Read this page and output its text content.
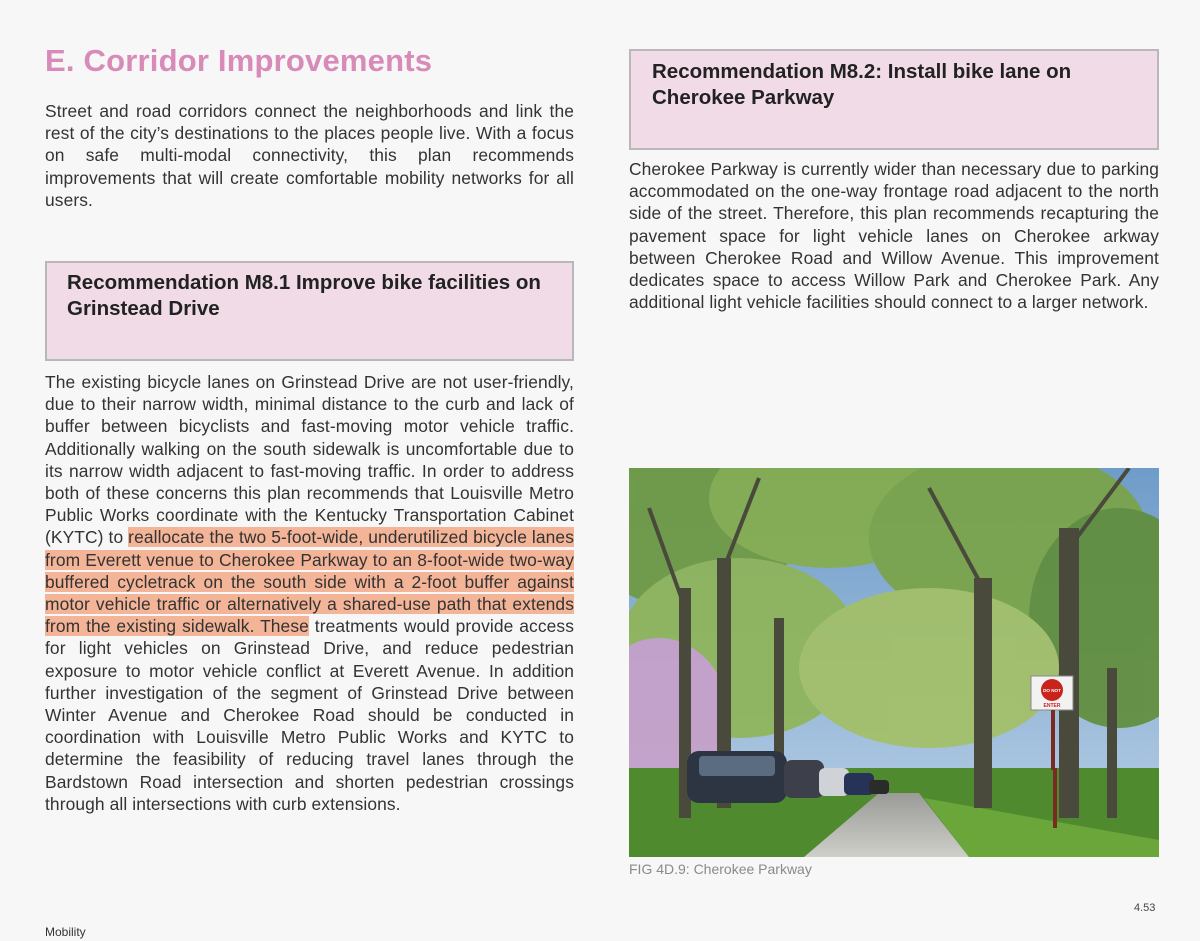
E. Corridor Improvements

Street and road corridors connect the neighborhoods and link the rest of the city’s destinations to the places people live. With a focus on safe multi-modal connectivity, this plan recommends improvements that will create comfortable mobility networks for all users.

Recommendation M8.1 Improve bike facilities on Grinstead Drive

The existing bicycle lanes on Grinstead Drive are not user-friendly, due to their narrow width, minimal distance to the curb and lack of buffer between bicyclists and fast-moving motor vehicle traffic. Additionally walking on the south sidewalk is uncomfortable due to its narrow width adjacent to fast-moving traffic. In order to address both of these concerns this plan recommends that Louisville Metro Public Works coordinate with the Kentucky Transportation Cabinet (KYTC) to reallocate the two 5-foot-wide, underutilized bicycle lanes from Everett venue to Cherokee Parkway to an 8-foot-wide two-way buffered cycletrack on the south side with a 2-foot buffer against motor vehicle traffic or alternatively a shared-use path that extends from the existing sidewalk. These treatments would provide access for light vehicles on Grinstead Drive, and reduce pedestrian exposure to motor vehicle conflict at Everett Avenue. In addition further investigation of the segment of Grinstead Drive between Winter Avenue and Cherokee Road should be conducted in coordination with Louisville Metro Public Works and KYTC to determine the feasibility of reducing travel lanes through the Bardstown Road intersection and shorten pedestrian crossings through all intersections with curb extensions.

Recommendation M8.2: Install bike lane on Cherokee Parkway

Cherokee Parkway is currently wider than necessary due to parking accommodated on the one-way frontage road adjacent to the north side of the street. Therefore, this plan recommends recapturing the pavement space for light vehicle lanes on Cherokee arkway between Cherokee Road and Willow Avenue. This improvement dedicates space to access Willow Park and Cherokee Park. Any additional light vehicle facilities should connect to a larger network.

DO NOT
ENTER
FIG 4D.9: Cherokee Parkway
4.53
Mobility
